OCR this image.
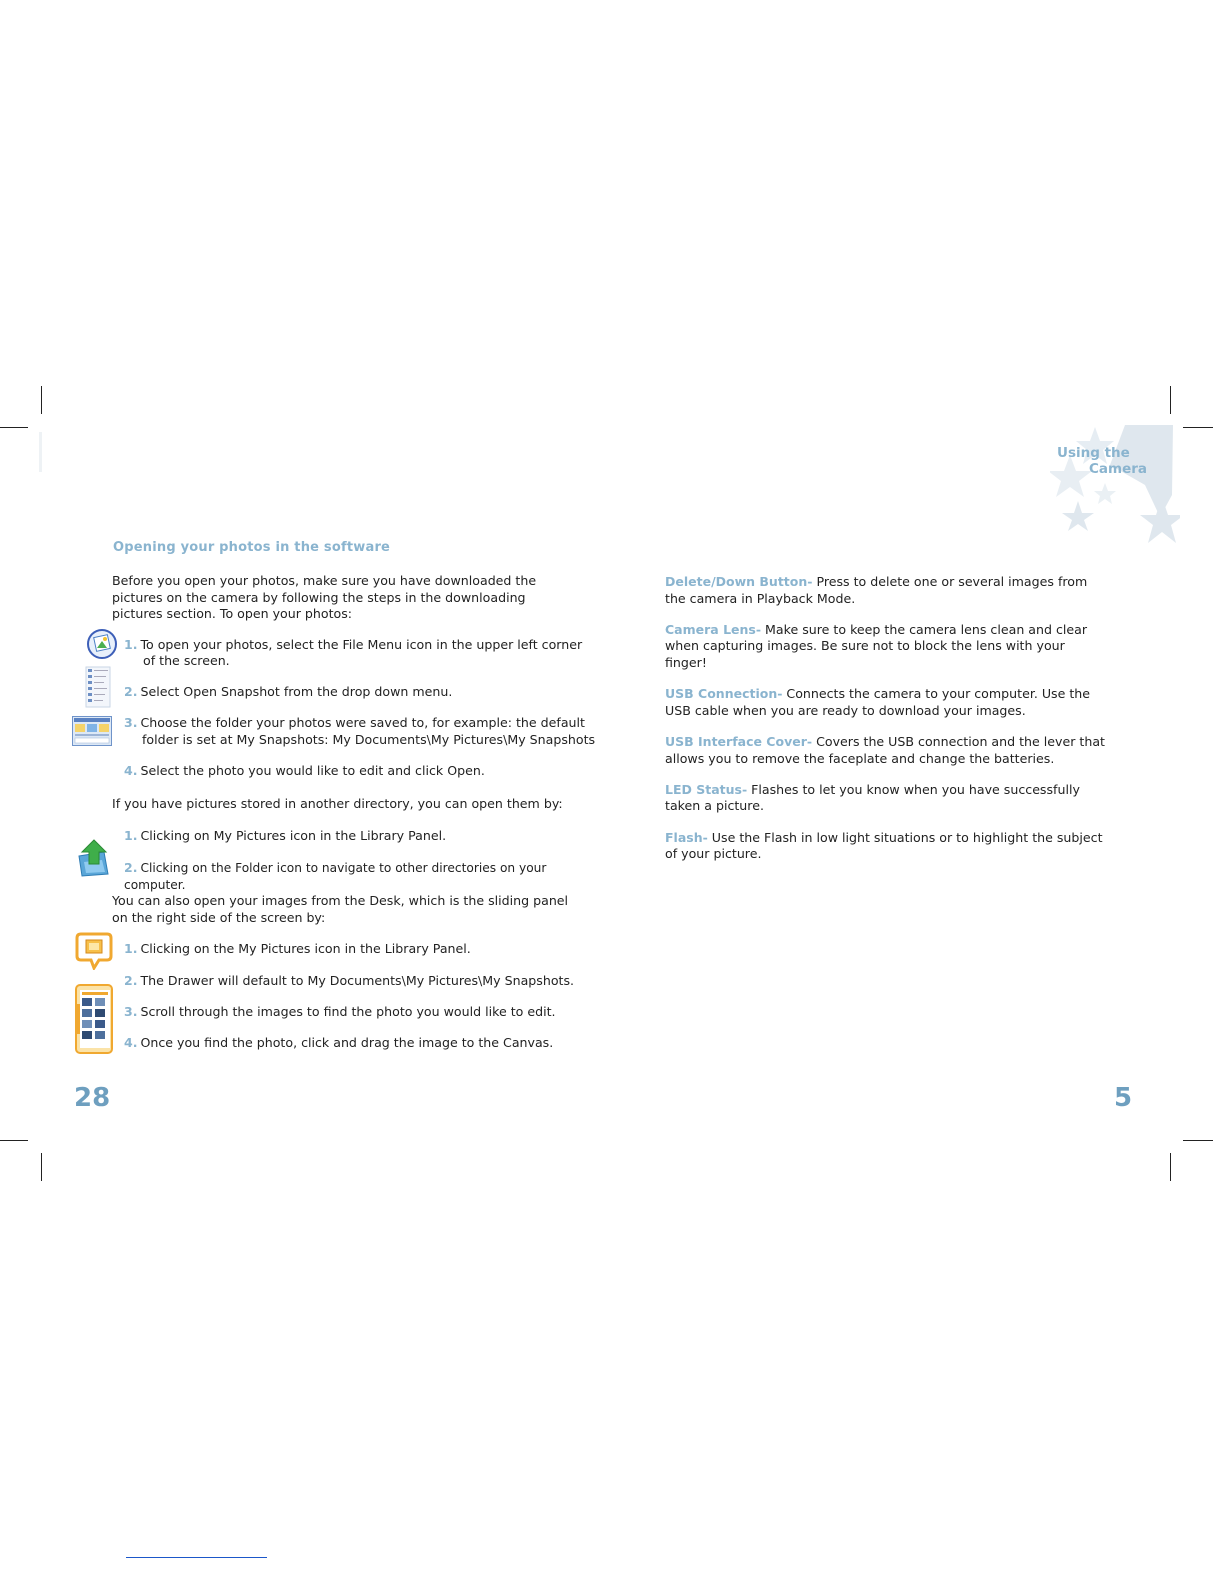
Using the
Camera
Opening your photos in the software
Before you open your photos, make sure you have downloaded the pictures on the camera by following the steps in the downloading pictures section. To open your photos:
1. To open your photos, select the File Menu icon in the upper left corner
of the screen.
2. Select Open Snapshot from the drop down menu.
3. Choose the folder your photos were saved to, for example: the default
folder is set at My Snapshots: My Documents\My Pictures\My Snapshots
4. Select the photo you would like to edit and click Open.
If you have pictures stored in another directory, you can open them by:
1. Clicking on My Pictures icon in the Library Panel.
2. Clicking on the Folder icon to navigate to other directories on your computer.
You can also open your images from the Desk, which is the sliding panel on the right side of the screen by:
1. Clicking on the My Pictures icon in the Library Panel.
2. The Drawer will default to My Documents\My Pictures\My Snapshots.
3. Scroll through the images to find the photo you would like to edit.
4. Once you find the photo, click and drag the image to the Canvas.
28
Delete/Down Button- Press to delete one or several images from the camera in Playback Mode.
Camera Lens- Make sure to keep the camera lens clean and clear when capturing images. Be sure not to block the lens with your finger!
USB Connection- Connects the camera to your computer. Use the USB cable when you are ready to download your images.
USB Interface Cover- Covers the USB connection and the lever that allows you to remove the faceplate and change the batteries.
LED Status- Flashes to let you know when you have successfully taken a picture.
Flash- Use the Flash in low light situations or to highlight the subject of your picture.
5
